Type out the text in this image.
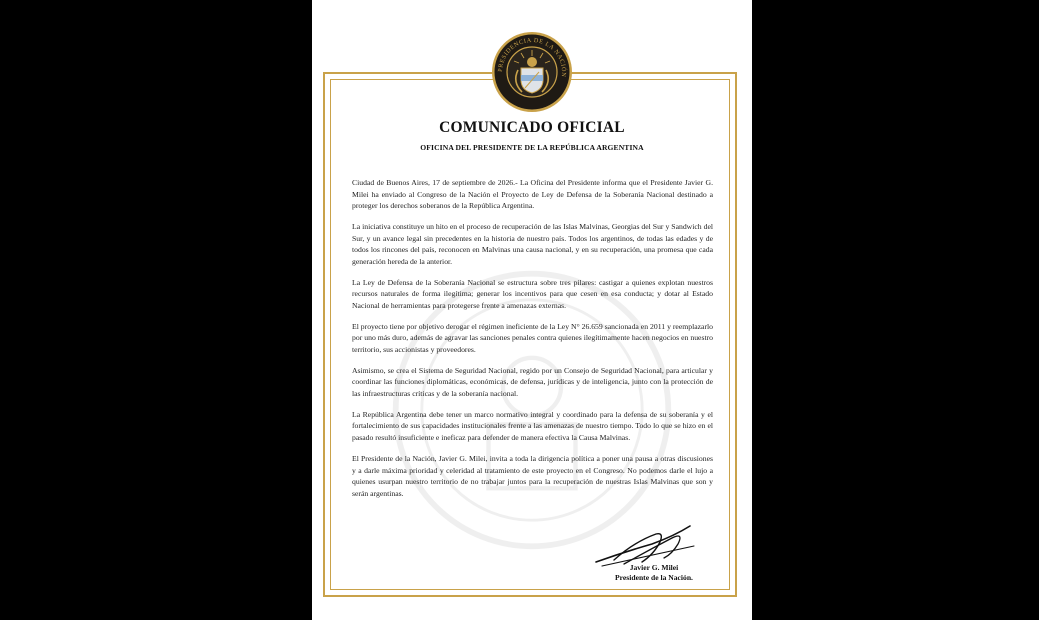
PRESIDENCIA DE LA NACIÓN
COMUNICADO OFICIAL
OFICINA DEL PRESIDENTE DE LA REPÚBLICA ARGENTINA

Ciudad de Buenos Aires, 17 de septiembre de 2026.- La Oficina del Presidente informa que el Presidente Javier G. Milei ha enviado al Congreso de la Nación el Proyecto de Ley de Defensa de la Soberanía Nacional destinado a proteger los derechos soberanos de la República Argentina.

La iniciativa constituye un hito en el proceso de recuperación de las Islas Malvinas, Georgias del Sur y Sandwich del Sur, y un avance legal sin precedentes en la historia de nuestro país. Todos los argentinos, de todas las edades y de todos los rincones del país, reconocen en Malvinas una causa nacional, y en su recuperación, una promesa que cada generación hereda de la anterior.

La Ley de Defensa de la Soberanía Nacional se estructura sobre tres pilares: castigar a quienes explotan nuestros recursos naturales de forma ilegítima; generar los incentivos para que cesen en esa conducta; y dotar al Estado Nacional de herramientas para protegerse frente a amenazas externas.

El proyecto tiene por objetivo derogar el régimen ineficiente de la Ley N° 26.659 sancionada en 2011 y reemplazarlo por uno más duro, además de agravar las sanciones penales contra quienes ilegítimamente hacen negocios en nuestro territorio, sus accionistas y proveedores.

Asimismo, se crea el Sistema de Seguridad Nacional, regido por un Consejo de Seguridad Nacional, para articular y coordinar las funciones diplomáticas, económicas, de defensa, jurídicas y de inteligencia, junto con la protección de las infraestructuras críticas y de la soberanía nacional.

La República Argentina debe tener un marco normativo integral y coordinado para la defensa de su soberanía y el fortalecimiento de sus capacidades institucionales frente a las amenazas de nuestro tiempo. Todo lo que se hizo en el pasado resultó insuficiente e ineficaz para defender de manera efectiva la Causa Malvinas.

El Presidente de la Nación, Javier G. Milei, invita a toda la dirigencia política a poner una pausa a otras discusiones y a darle máxima prioridad y celeridad al tratamiento de este proyecto en el Congreso. No podemos darle el lujo a quienes usurpan nuestro territorio de no trabajar juntos para la recuperación de nuestras Islas Malvinas que son y serán argentinas.

Javier G. Milei
Presidente de la Nación.
